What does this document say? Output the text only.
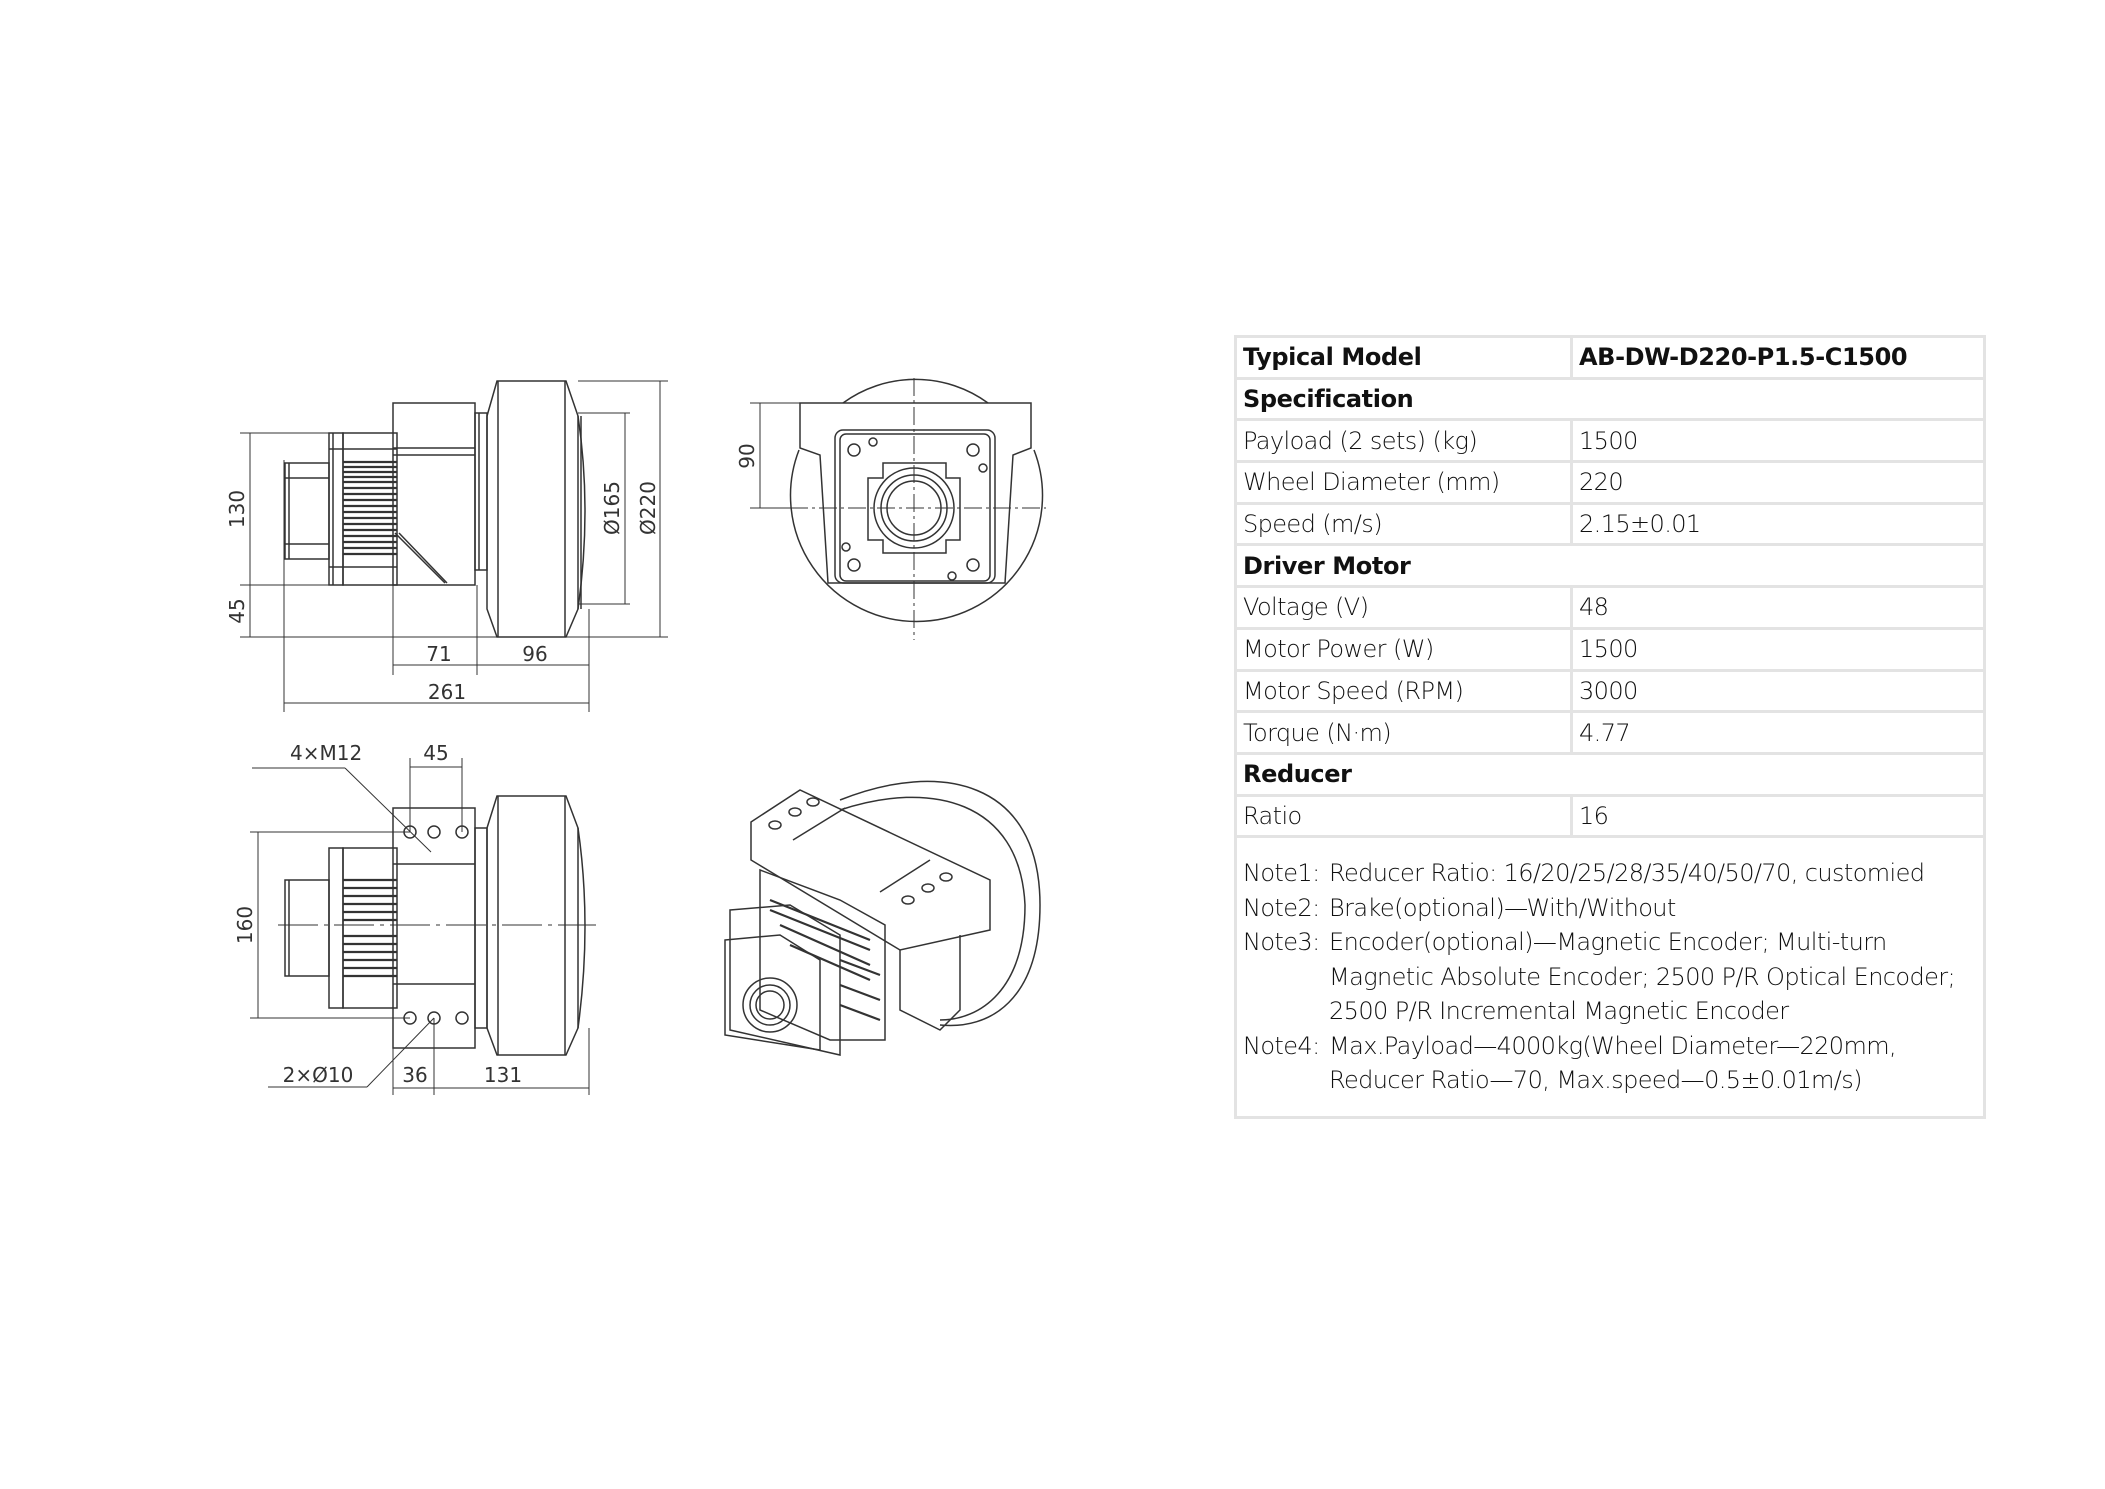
130
45
71	96
261
Ø165 Ø220
90
4×M12	45
160
2×Ø10 36	131
Typical Model	AB-DW-D220-P1.5-C1500
Specification	
Payload (2 sets) (kg)	1500
Wheel Diameter (mm)	220
Speed (m/s)	2.15±0.01
Driver Motor	
Voltage (V)	48
Motor Power (W)	1500
Motor Speed (RPM)	3000
Torque (N·m)	4.77
Reducer	
Ratio	16

Note1: Reducer Ratio: 16/20/25/28/35/40/50/70, customied
Note2: Brake(optional)—With/Without
Note3: Encoder(optional)—Magnetic Encoder; Multi-turn
Magnetic Absolute Encoder; 2500 P/R Optical Encoder;
2500 P/R Incremental Magnetic Encoder
Note4: Max.Payload—4000kg(Wheel Diameter—220mm,
Reducer Ratio—70, Max.speed—0.5±0.01m/s)
